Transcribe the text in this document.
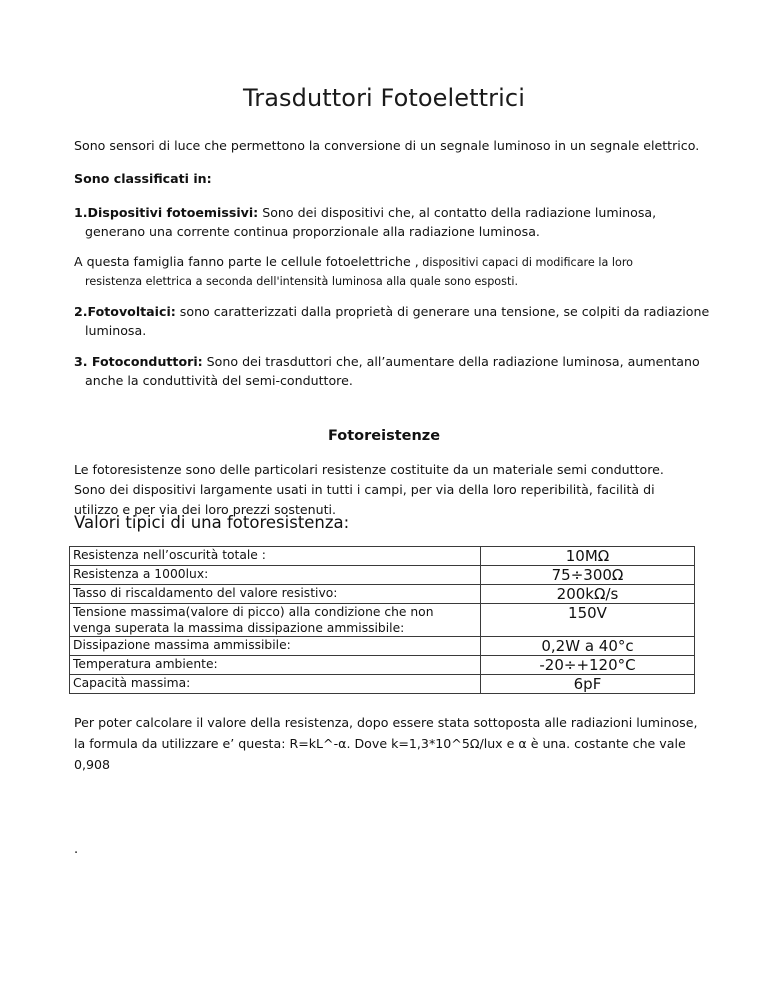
Trasduttori Fotoelettrici

Sono sensori di luce che permettono la conversione di un segnale luminoso in un segnale elettrico.

Sono classificati in:

1.Dispositivi fotoemissivi: Sono dei dispositivi che, al contatto della radiazione luminosa,
generano una corrente continua proporzionale alla radiazione luminosa.
A questa famiglia fanno parte le cellule fotoelettriche , dispositivi capaci di modificare la loro
resistenza elettrica a seconda dell'intensità luminosa alla quale sono esposti.
2.Fotovoltaici: sono caratterizzati dalla proprietà di generare una tensione, se colpiti da radiazione
luminosa.
3. Fotoconduttori: Sono dei trasduttori che, all’aumentare della radiazione luminosa, aumentano
anche la conduttività del semi-conduttore.
Fotoreistenze
Le fotoresistenze sono delle particolari resistenze costituite da un materiale semi conduttore.
Sono dei dispositivi largamente usati in tutti i campi, per via della loro reperibilità, facilità di
utilizzo e per via dei loro prezzi sostenuti.
Valori tipici di una fotoresistenza:
Resistenza nell’oscurità totale :	10MΩ
Resistenza a 1000lux:	75÷300Ω
Tasso di riscaldamento del valore resistivo:	200kΩ/s

Tensione massima(valore di picco) alla condizione che non
venga superata la massima dissipazione ammissibile:	150V
Dissipazione massima ammissibile:	0,2W a 40°c
Temperatura ambiente:	-20÷+120°C
Capacità massima:	6pF
Per poter calcolare il valore della resistenza, dopo essere stata sottoposta alle radiazioni luminose,
la formula da utilizzare e’ questa: R=kL^-α. Dove k=1,3*10^5Ω/lux e α è una. costante che vale
0,908
.
